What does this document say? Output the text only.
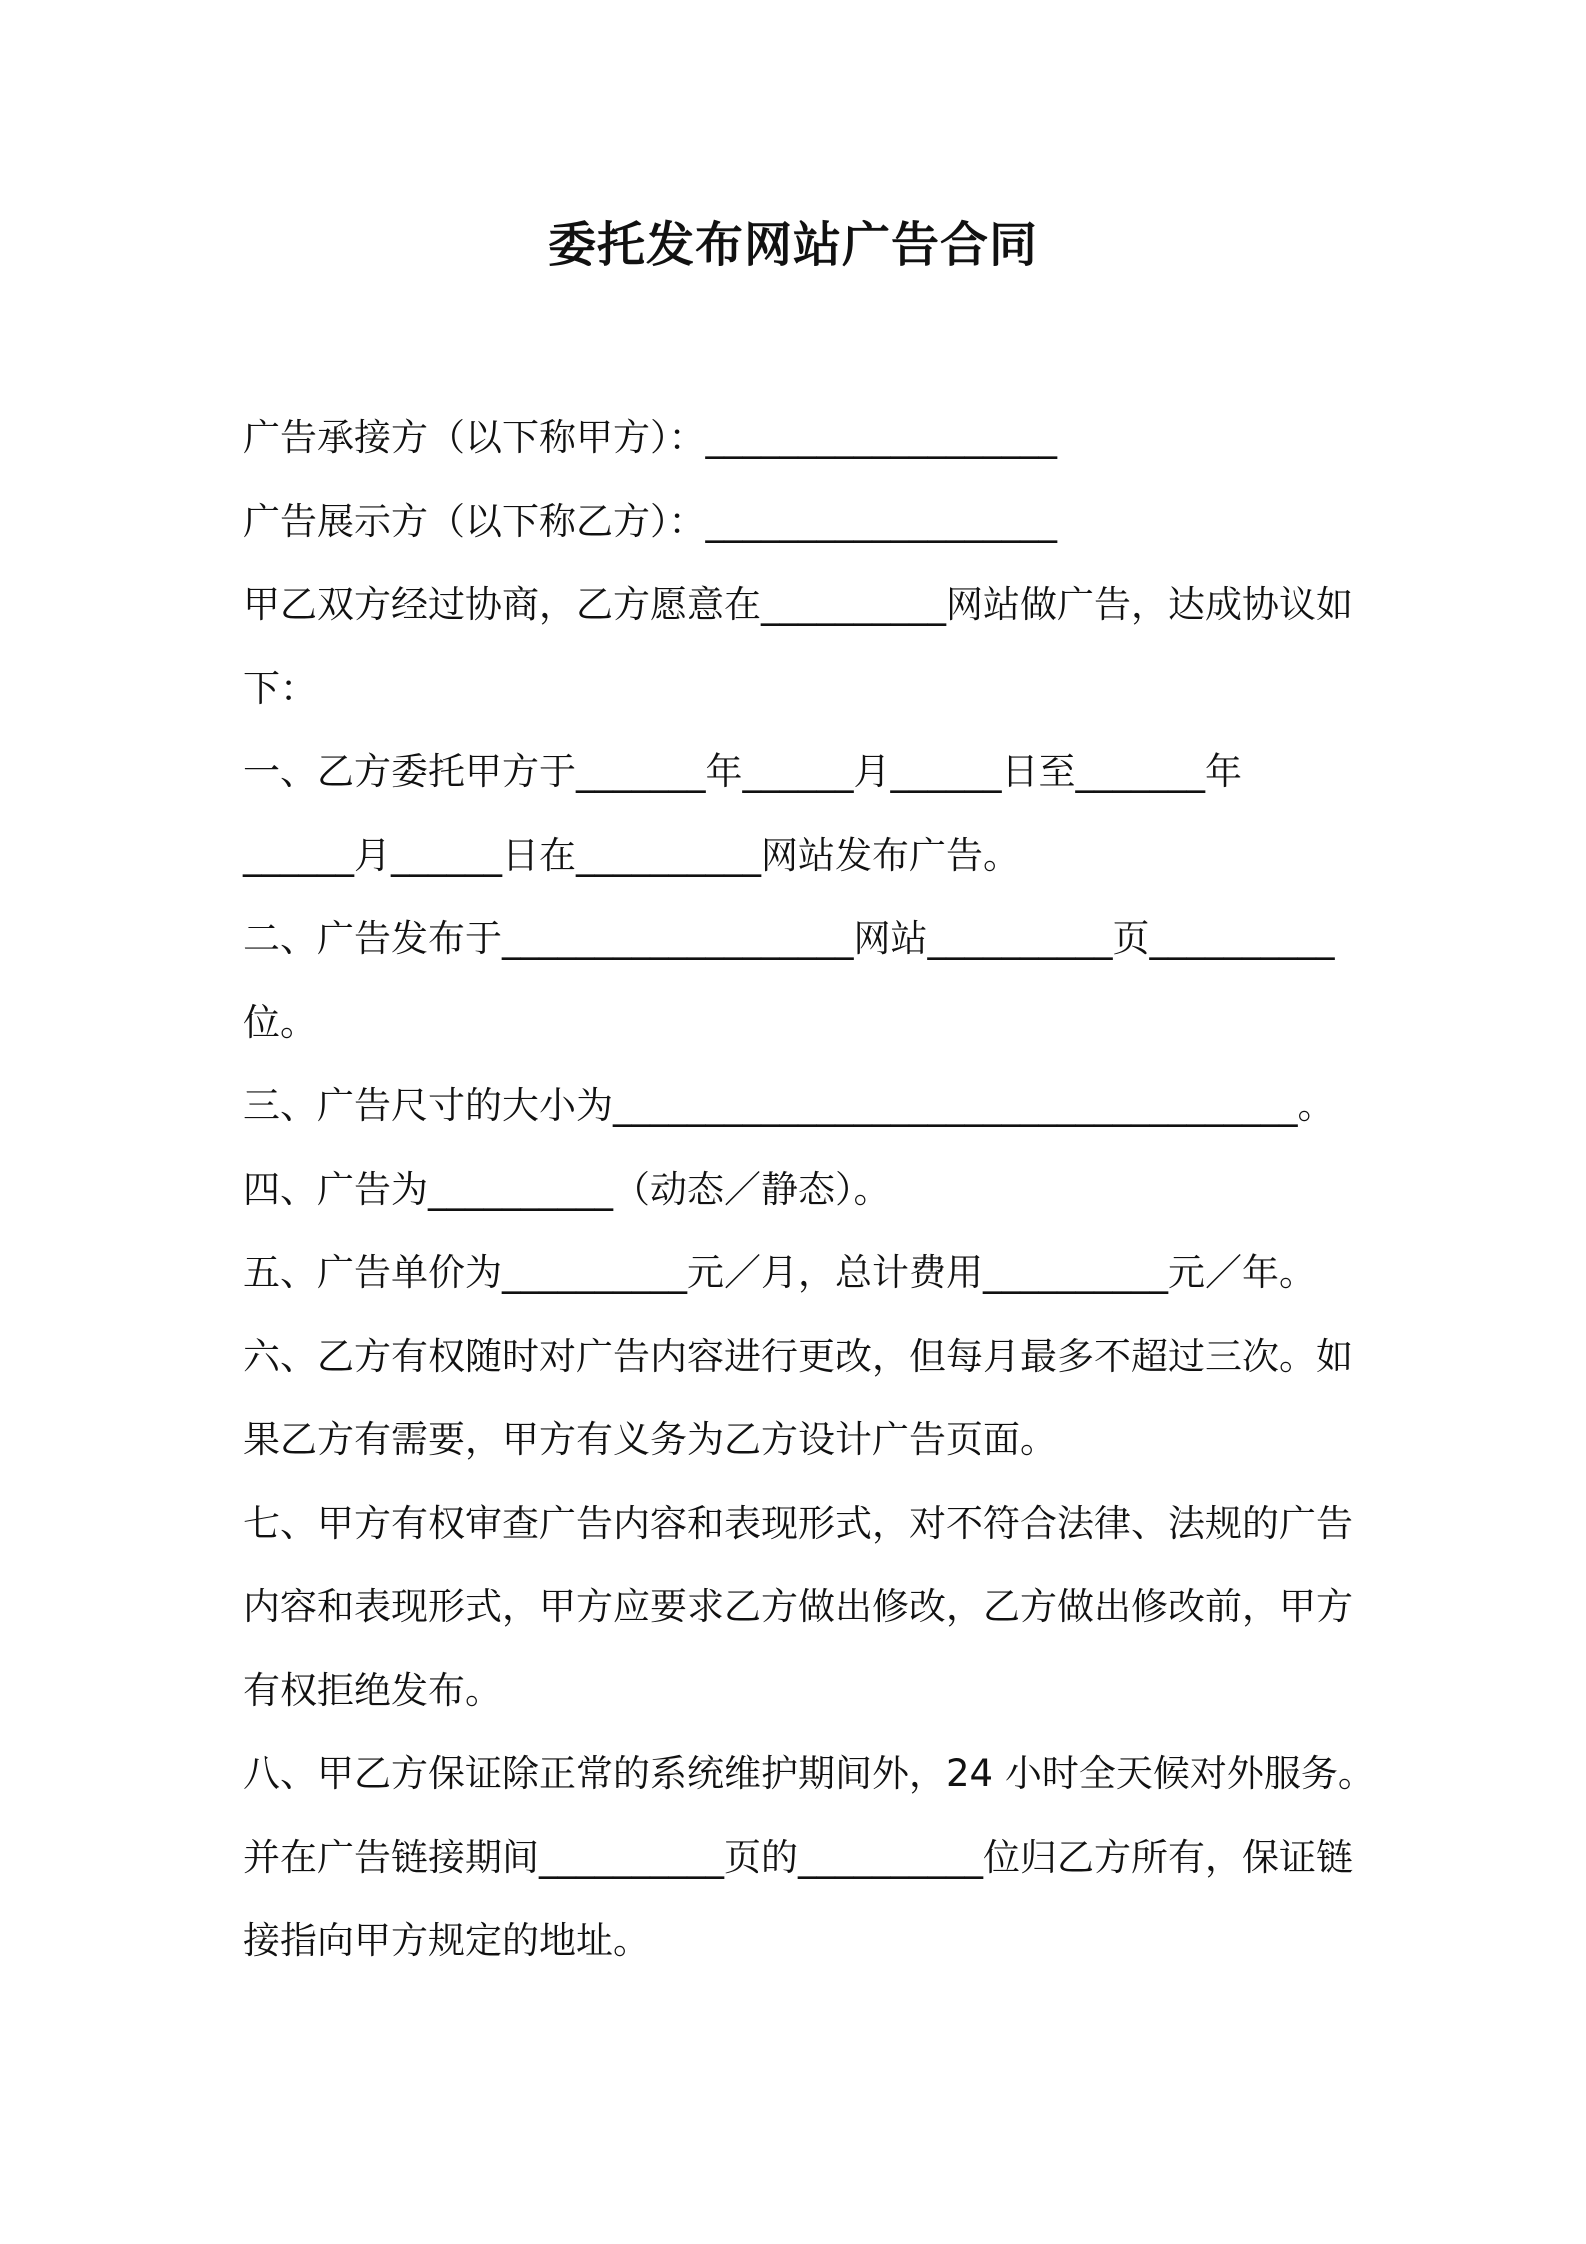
委托发布网站广告合同
广告承接方（以下称甲方）：___________________
广告展示方（以下称乙方）：___________________
甲乙双方经过协商，乙方愿意在__________网站做广告，达成协议如
下：
一、乙方委托甲方于_______年______月______日至_______年
______月______日在__________网站发布广告。
二、广告发布于___________________网站__________页__________
位。
三、广告尺寸的大小为_____________________________________。
四、广告为__________（动态／静态）。
五、广告单价为__________元／月，总计费用__________元／年。
六、乙方有权随时对广告内容进行更改，但每月最多不超过三次。如
果乙方有需要，甲方有义务为乙方设计广告页面。
七、甲方有权审查广告内容和表现形式，对不符合法律、法规的广告
内容和表现形式，甲方应要求乙方做出修改，乙方做出修改前，甲方
有权拒绝发布。
八、甲乙方保证除正常的系统维护期间外，24 小时全天候对外服务。
并在广告链接期间__________页的__________位归乙方所有，保证链
接指向甲方规定的地址。
